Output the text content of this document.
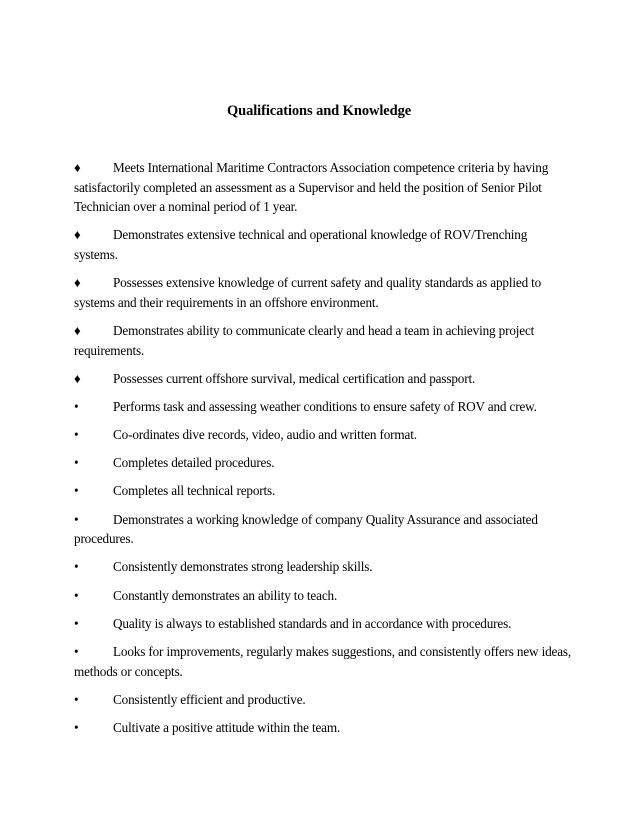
Qualifications and Knowledge

♦ Meets International Maritime Contractors Association competence criteria by having satisfactorily completed an assessment as a Supervisor and held the position of Senior Pilot Technician over a nominal period of 1 year.

♦ Demonstrates extensive technical and operational knowledge of ROV/Trenching systems.

♦ Possesses extensive knowledge of current safety and quality standards as applied to systems and their requirements in an offshore environment.

♦ Demonstrates ability to communicate clearly and head a team in achieving project requirements.

♦ Possesses current offshore survival, medical certification and passport.

•	Performs task and assessing weather conditions to ensure safety of ROV and crew.

•	Co-ordinates dive records, video, audio and written format.

•	Completes detailed procedures.

•	Completes all technical reports.

•	Demonstrates a working knowledge of company Quality Assurance and associated procedures.

•	Consistently demonstrates strong leadership skills.

•	Constantly demonstrates an ability to teach.

•	Quality is always to established standards and in accordance with procedures.

•	Looks for improvements, regularly makes suggestions, and consistently offers new ideas, methods or concepts.

•	Consistently efficient and productive.

•	Cultivate a positive attitude within the team.
